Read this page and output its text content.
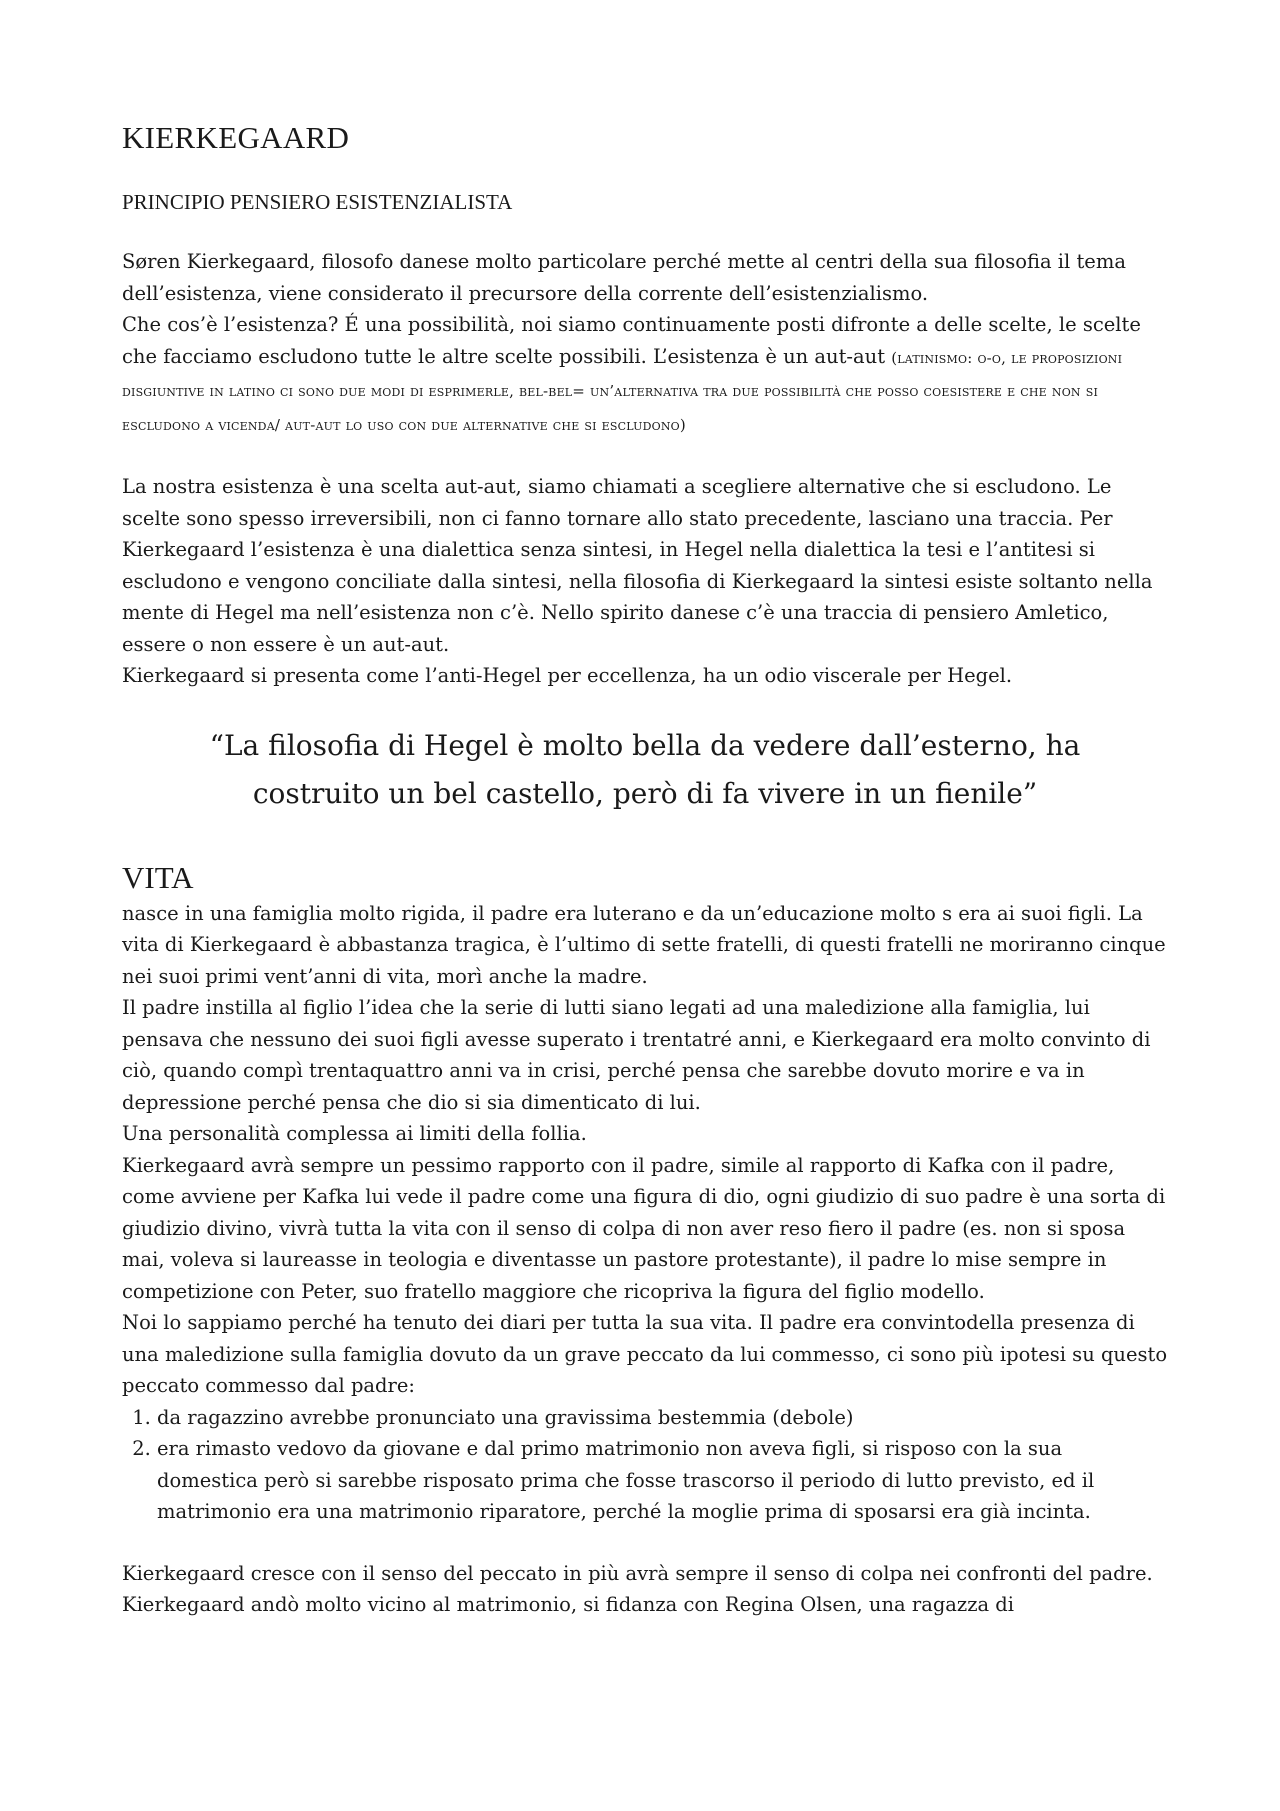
KIERKEGAARD
PRINCIPIO PENSIERO ESISTENZIALISTA

Søren Kierkegaard, filosofo danese molto particolare perché mette al centri della sua filosofia il tema dell’esistenza, viene considerato il precursore della corrente dell’esistenzialismo.
Che cos’è l’esistenza? É una possibilità, noi siamo continuamente posti difronte a delle scelte, le scelte che facciamo escludono tutte le altre scelte possibili. L’esistenza è un aut-aut (latinismo: o-o, le proposizioni disgiuntive in latino ci sono due modi di esprimerle, bel-bel= un’alternativa tra due possibilità che posso coesistere e che non si escludono a vicenda/ aut-aut lo uso con due alternative che si escludono)

La nostra esistenza è una scelta aut-aut, siamo chiamati a scegliere alternative che si escludono. Le scelte sono spesso irreversibili, non ci fanno tornare allo stato precedente, lasciano una traccia. Per Kierkegaard l’esistenza è una dialettica senza sintesi, in Hegel nella dialettica la tesi e l’antitesi si escludono e vengono conciliate dalla sintesi, nella filosofia di Kierkegaard la sintesi esiste soltanto nella mente di Hegel ma nell’esistenza non c’è. Nello spirito danese c’è una traccia di pensiero Amletico, essere o non essere è un aut-aut.

Kierkegaard si presenta come l’anti-Hegel per eccellenza, ha un odio viscerale per Hegel.

“La filosofia di Hegel è molto bella da vedere dall’esterno, ha costruito un bel castello, però di fa vivere in un fienile”
VITA

nasce in una famiglia molto rigida, il padre era luterano e da un’educazione molto s era ai suoi figli. La vita di Kierkegaard è abbastanza tragica, è l’ultimo di sette fratelli, di questi fratelli ne moriranno cinque nei suoi primi vent’anni di vita, morì anche la madre.

Il padre instilla al figlio l’idea che la serie di lutti siano legati ad una maledizione alla famiglia, lui pensava che nessuno dei suoi figli avesse superato i trentatré anni, e Kierkegaard era molto convinto di ciò, quando compì trentaquattro anni va in crisi, perché pensa che sarebbe dovuto morire e va in depressione perché pensa che dio si sia dimenticato di lui.

Una personalità complessa ai limiti della follia.

Kierkegaard avrà sempre un pessimo rapporto con il padre, simile al rapporto di Kafka con il padre, come avviene per Kafka lui vede il padre come una figura di dio, ogni giudizio di suo padre è una sorta di giudizio divino, vivrà tutta la vita con il senso di colpa di non aver reso fiero il padre (es. non si sposa mai, voleva si laureasse in teologia e diventasse un pastore protestante), il padre lo mise sempre in competizione con Peter, suo fratello maggiore che ricopriva la figura del figlio modello.

Noi lo sappiamo perché ha tenuto dei diari per tutta la sua vita. Il padre era convintodella presenza di una maledizione sulla famiglia dovuto da un grave peccato da lui commesso, ci sono più ipotesi su questo peccato commesso dal padre:

1. da ragazzino avrebbe pronunciato una gravissima bestemmia (debole)
2. era rimasto vedovo da giovane e dal primo matrimonio non aveva figli, si risposo con la sua domestica però si sarebbe risposato prima che fosse trascorso il periodo di lutto previsto, ed il matrimonio era una matrimonio riparatore, perché la moglie prima di sposarsi era già incinta.

Kierkegaard cresce con il senso del peccato in più avrà sempre il senso di colpa nei confronti del padre. Kierkegaard andò molto vicino al matrimonio, si fidanza con Regina Olsen, una ragazza di
